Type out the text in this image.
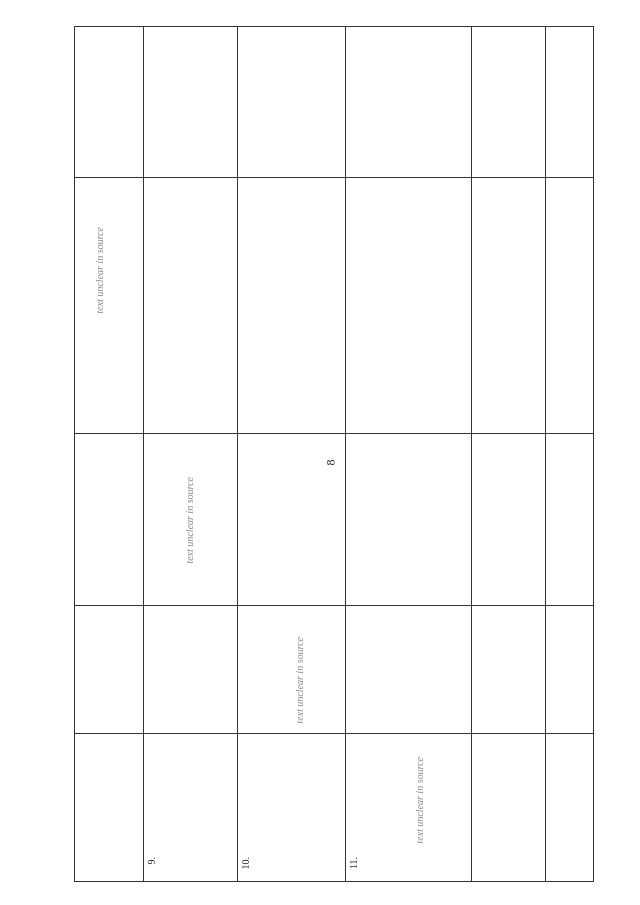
8
text unclear in source
text unclear in source
text unclear in source
text unclear in source
9.	10.	11.
